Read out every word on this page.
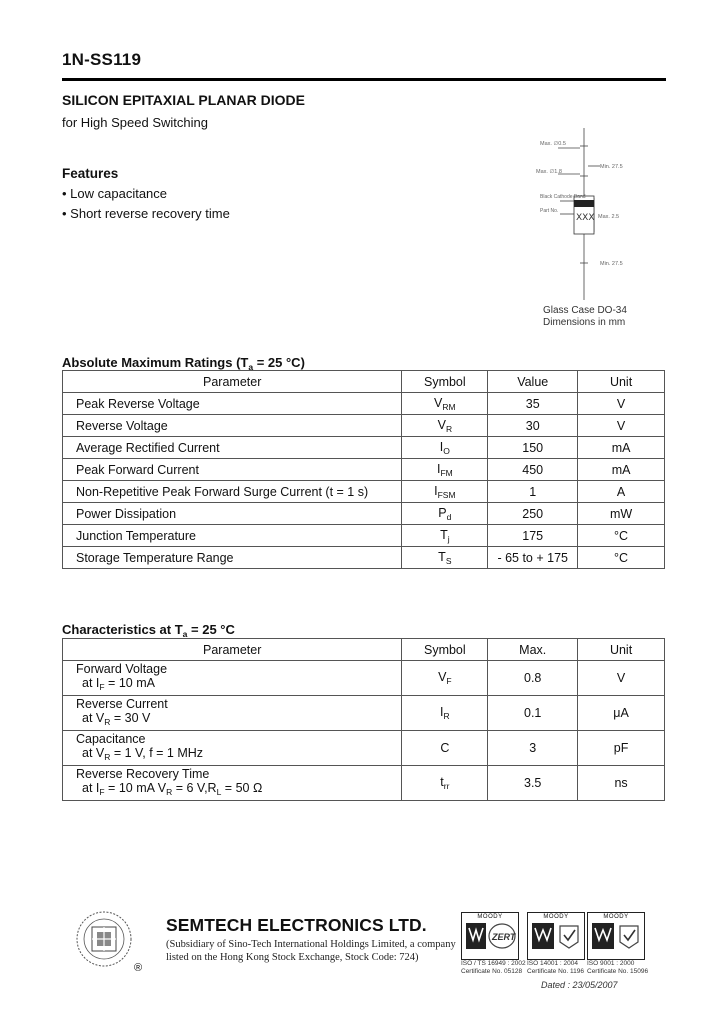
1N-SS119
SILICON EPITAXIAL PLANAR DIODE
for High Speed Switching
Features
• Low capacitance
• Short reverse recovery time	XXX
Max. ∅0.5
Max. ∅1.8
Min. 27.5
Max. 2.5
Min. 27.5
Black Cathode Band
Part No.
Glass Case DO-34
Dimensions in mm
Absolute Maximum Ratings ($T_a = 25$ °C)
Parameter	Symbol	Value	Unit
Peak Reverse Voltage	$V_{RM}$	35	V
Reverse Voltage	$V_R$	30	V
Average Rectified Current	$I_O$	150	mA
Peak Forward Current	$I_{FM}$	450	mA
Non-Repetitive Peak Forward Surge Current (t = 1 s)	$I_{FSM}$	1	A
Power Dissipation	$P_d$	250	mW
Junction Temperature	$T_j$	175	°C
Storage Temperature Range	$T_S$	- 65 to + 175	°C
Characteristics at $T_a = 25$ °C
Parameter	Symbol	Max.	Unit

Forward Voltage
at $I_F = 10$ mA	$V_F$	0.8	V

Reverse Current
at $V_R = 30$ V	$I_R$	0.1	μA

Capacitance
at $V_R = 1$ V, f = 1 MHz	C	3	pF

Reverse Recovery Time
at $I_F = 10$ mA $V_R = 6$ $V,R_L = 50$ Ω	$t_{rr}$	3.5	ns
®
SEMTECH ELECTRONICS LTD.
(Subsidiary of Sino-Tech International Holdings Limited, a company
listed on the Hong Kong Stock Exchange, Stock Code: 724)
MOODY
ZERT
MOODY	MOODY
ISO / TS 16949 : 2002
Certificate No. 05128
ISO 14001 : 2004
Certificate No. 1196
ISO 9001 : 2000
Certificate No. 15096
Dated : 23/05/2007
